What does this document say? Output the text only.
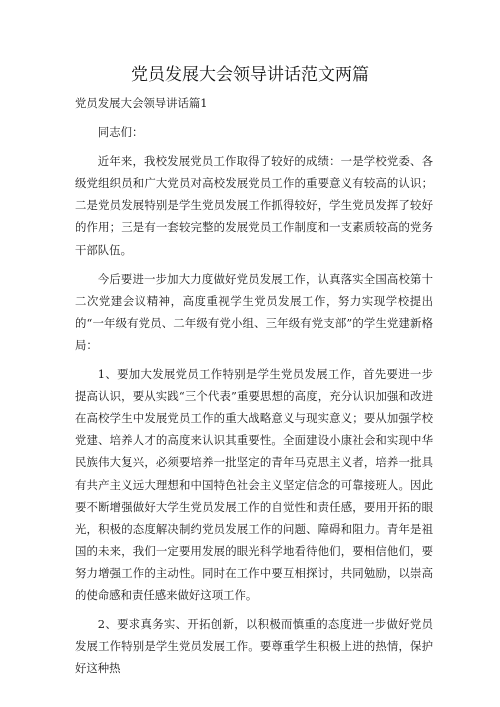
党员发展大会领导讲话范文两篇
党员发展大会领导讲话篇1
同志们：
近年来，我校发展党员工作取得了较好的成绩：一是学校党委、各级党组织员和广大党员对高校发展党员工作的重要意义有较高的认识；二是党员发展特别是学生党员发展工作抓得较好，学生党员发挥了较好的作用；三是有一套较完整的发展党员工作制度和一支素质较高的党务干部队伍。
今后要进一步加大力度做好党员发展工作，认真落实全国高校第十二次党建会议精神，高度重视学生党员发展工作，努力实现学校提出的“一年级有党员、二年级有党小组、三年级有党支部”的学生党建新格局：
1、要加大发展党员工作特别是学生党员发展工作，首先要进一步提高认识，要从实践“三个代表”重要思想的高度，充分认识加强和改进在高校学生中发展党员工作的重大战略意义与现实意义；要从加强学校党建、培养人才的高度来认识其重要性。全面建设小康社会和实现中华民族伟大复兴，必须要培养一批坚定的青年马克思主义者，培养一批具有共产主义远大理想和中国特色社会主义坚定信念的可靠接班人。因此要不断增强做好大学生党员发展工作的自觉性和责任感，要用开拓的眼光，积极的态度解决制约党员发展工作的问题、障碍和阻力。青年是祖国的未来，我们一定要用发展的眼光科学地看待他们，要相信他们，要努力增强工作的主动性。同时在工作中要互相探讨，共同勉励，以崇高的使命感和责任感来做好这项工作。
2、要求真务实、开拓创新，以积极而慎重的态度进一步做好党员发展工作特别是学生党员发展工作。要尊重学生积极上进的热情，保护好这种热
